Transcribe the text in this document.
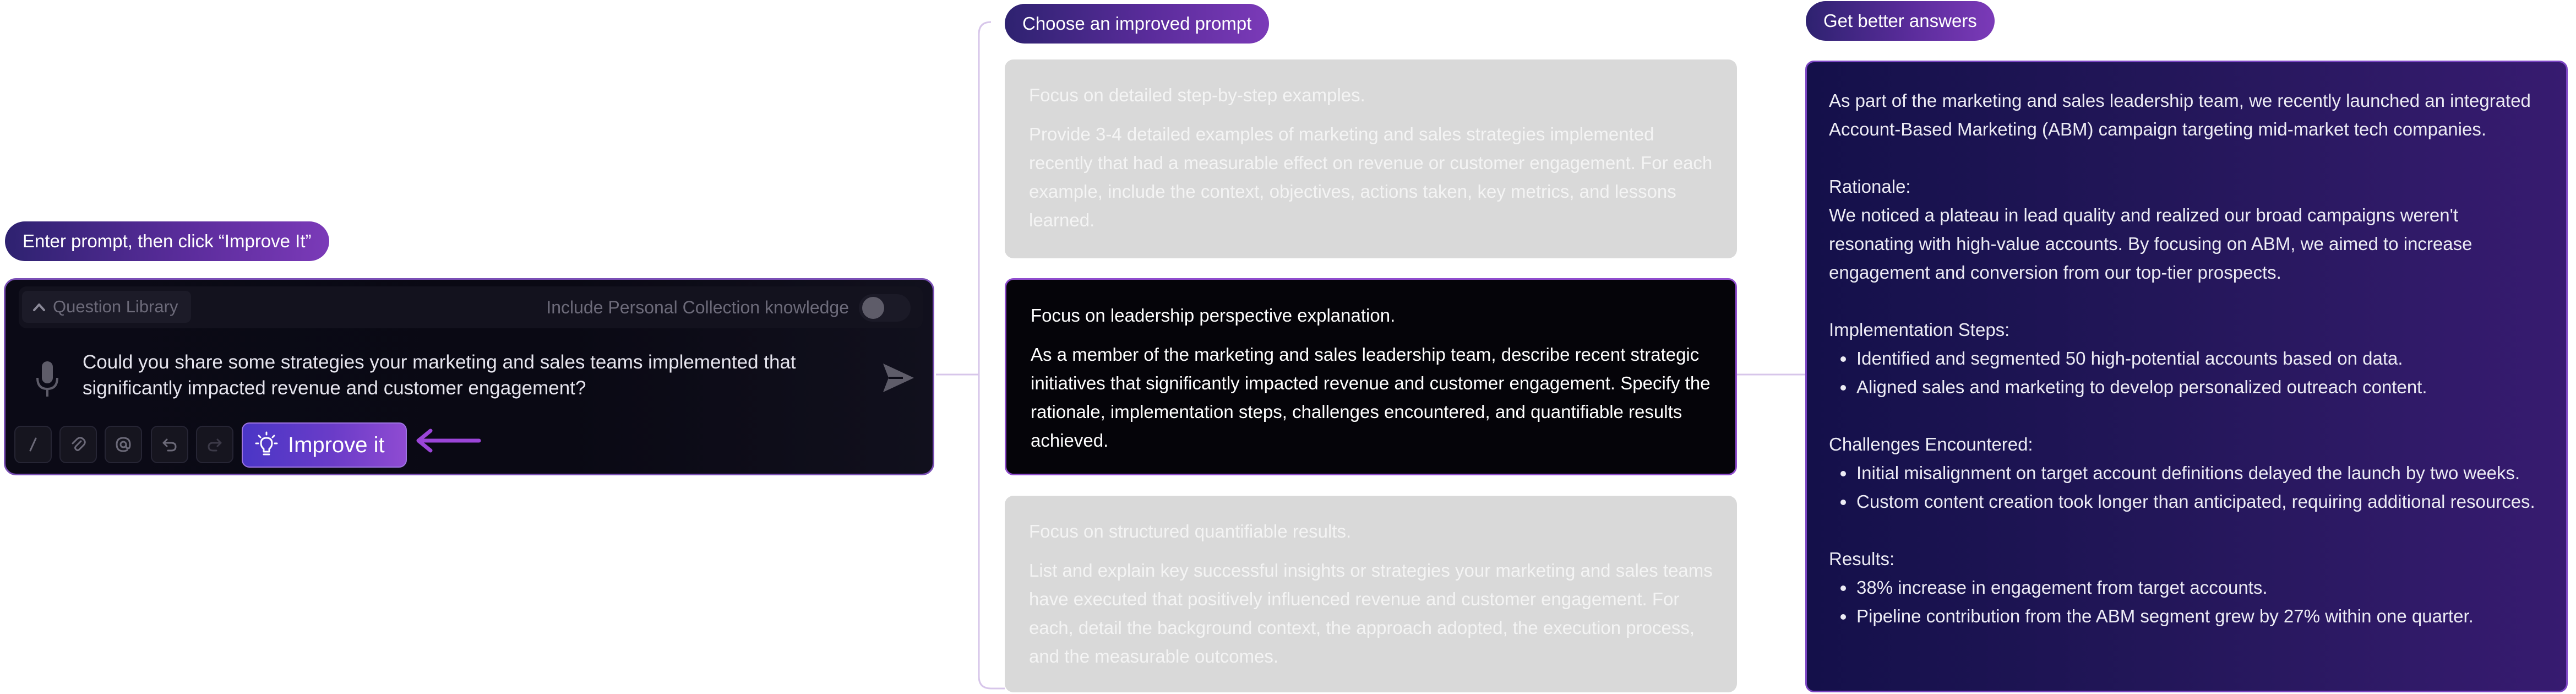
Enter prompt, then click “Improve It”
Choose an improved prompt	Get better answers
Question Library	Include Personal Collection knowledge
Could you share some strategies your marketing and sales teams implemented that significantly impacted revenue and customer engagement?
Improve it
Focus on detailed step-by-step examples.
Provide 3-4 detailed examples of marketing and sales strategies implemented recently that had a measurable effect on revenue or customer engagement. For each example, include the context, objectives, actions taken, key metrics, and lessons learned.
Focus on leadership perspective explanation.
As a member of the marketing and sales leadership team, describe recent strategic initiatives that significantly impacted revenue and customer engagement. Specify the rationale, implementation steps, challenges encountered, and quantifiable results achieved.
Focus on structured quantifiable results.
List and explain key successful insights or strategies your marketing and sales teams have executed that positively influenced revenue and customer engagement. For each, detail the background context, the approach adopted, the execution process, and the measurable outcomes.

As part of the marketing and sales leadership team, we recently launched an integrated Account-Based Marketing (ABM) campaign targeting mid-market tech companies.

Rationale:

We noticed a plateau in lead quality and realized our broad campaigns weren't resonating with high-value accounts. By focusing on ABM, we aimed to increase engagement and conversion from our top-tier prospects.

Implementation Steps:

• Identified and segmented 50 high-potential accounts based on data.
• Aligned sales and marketing to develop personalized outreach content.

Challenges Encountered:

• Initial misalignment on target account definitions delayed the launch by two weeks.
• Custom content creation took longer than anticipated, requiring additional resources.

Results:

• 38% increase in engagement from target accounts.
• Pipeline contribution from the ABM segment grew by 27% within one quarter.
